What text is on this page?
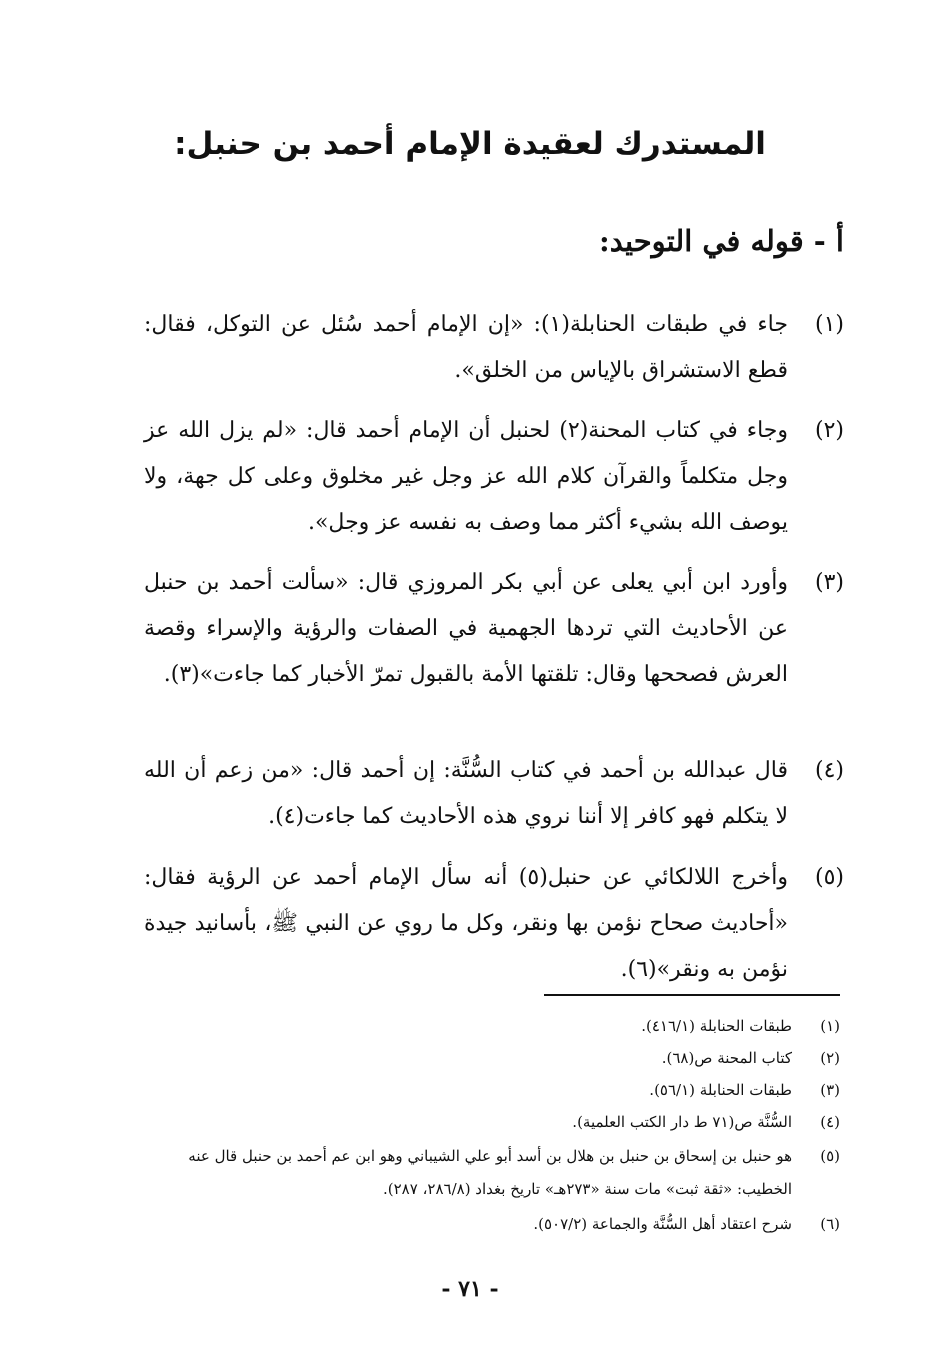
المستدرك لعقيدة الإمام أحمد بن حنبل:
أ - قوله في التوحيد:
(١)
جاء في طبقات الحنابلة(١): «إن الإمام أحمد سُئل عن التوكل، فقال: قطع الاستشراق بالإياس من الخلق».
(٢)
وجاء في كتاب المحنة(٢) لحنبل أن الإمام أحمد قال: «لم يزل الله عز وجل متكلماً والقرآن كلام الله عز وجل غير مخلوق وعلى كل جهة، ولا يوصف الله بشيء أكثر مما وصف به نفسه عز وجل».
(٣)
وأورد ابن أبي يعلى عن أبي بكر المروزي قال: «سألت أحمد بن حنبل عن الأحاديث التي تردها الجهمية في الصفات والرؤية والإسراء وقصة العرش فصححها وقال: تلقتها الأمة بالقبول تمرّ الأخبار كما جاءت»(٣).
(٤)
قال عبدالله بن أحمد في كتاب السُّنَّة: إن أحمد قال: «من زعم أن الله لا يتكلم فهو كافر إلا أننا نروي هذه الأحاديث كما جاءت(٤).
(٥)
وأخرج اللالكائي عن حنبل(٥) أنه سأل الإمام أحمد عن الرؤية فقال: «أحاديث صحاح نؤمن بها ونقر، وكل ما روي عن النبي ﷺ، بأسانيد جيدة نؤمن به ونقر»(٦).
(١)
طبقات الحنابلة (٤١٦/١).
(٢)
كتاب المحنة ص(٦٨).
(٣)
طبقات الحنابلة (٥٦/١).
(٤)
السُّنَّة ص(٧١ ط دار الكتب العلمية).
(٥)
هو حنبل بن إسحاق بن حنبل بن هلال بن أسد أبو علي الشيباني وهو ابن عم أحمد بن حنبل قال عنه الخطيب: «ثقة ثبت» مات سنة «٢٧٣هـ» تاريخ بغداد (٢٨٦/٨، ٢٨٧).
(٦)
شرح اعتقاد أهل السُّنَّة والجماعة (٥٠٧/٢).
- ٧١ -
